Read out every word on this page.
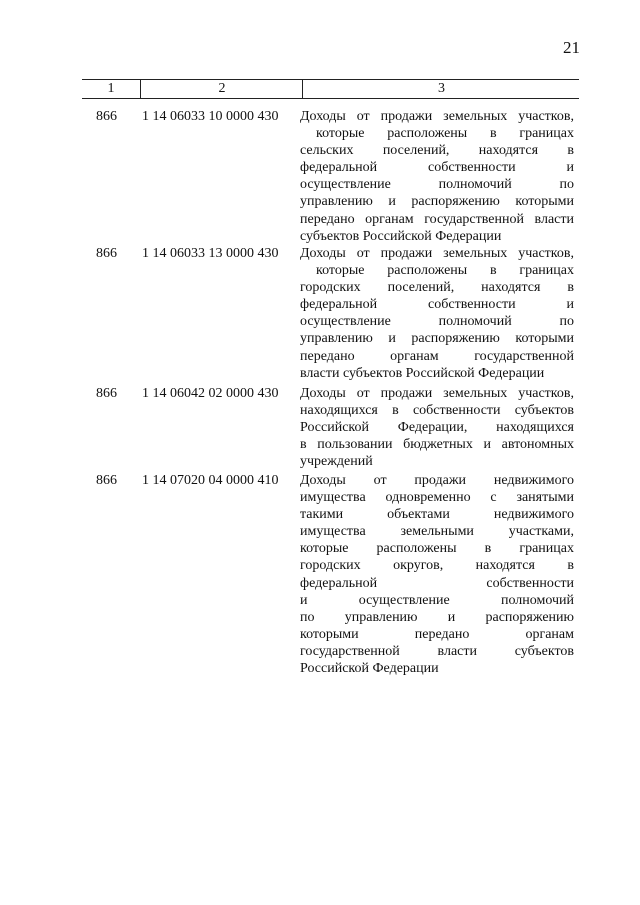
21
1	2	3
866	1 14 06033 10 0000 430	Доходы от продажи земельных участков,
которые расположены в границах
сельских поселений, находятся в
федеральной собственности и
осуществление полномочий по
управлению и распоряжению которыми
передано органам государственной власти
субъектов Российской Федерации
866	1 14 06033 13 0000 430	Доходы от продажи земельных участков,
которые расположены в границах
городских поселений, находятся в
федеральной собственности и
осуществление полномочий по
управлению и распоряжению которыми
передано органам государственной
власти субъектов Российской Федерации
866	1 14 06042 02 0000 430	Доходы от продажи земельных участков,
находящихся в собственности субъектов
Российской Федерации, находящихся
в пользовании бюджетных и автономных
учреждений
866	1 14 07020 04 0000 410	Доходы от продажи недвижимого
имущества одновременно с занятыми
такими объектами недвижимого
имущества земельными участками,
которые расположены в границах
городских округов, находятся в
федеральной собственности
и осуществление полномочий
по управлению и распоряжению
которыми передано органам
государственной власти субъектов
Российской Федерации
